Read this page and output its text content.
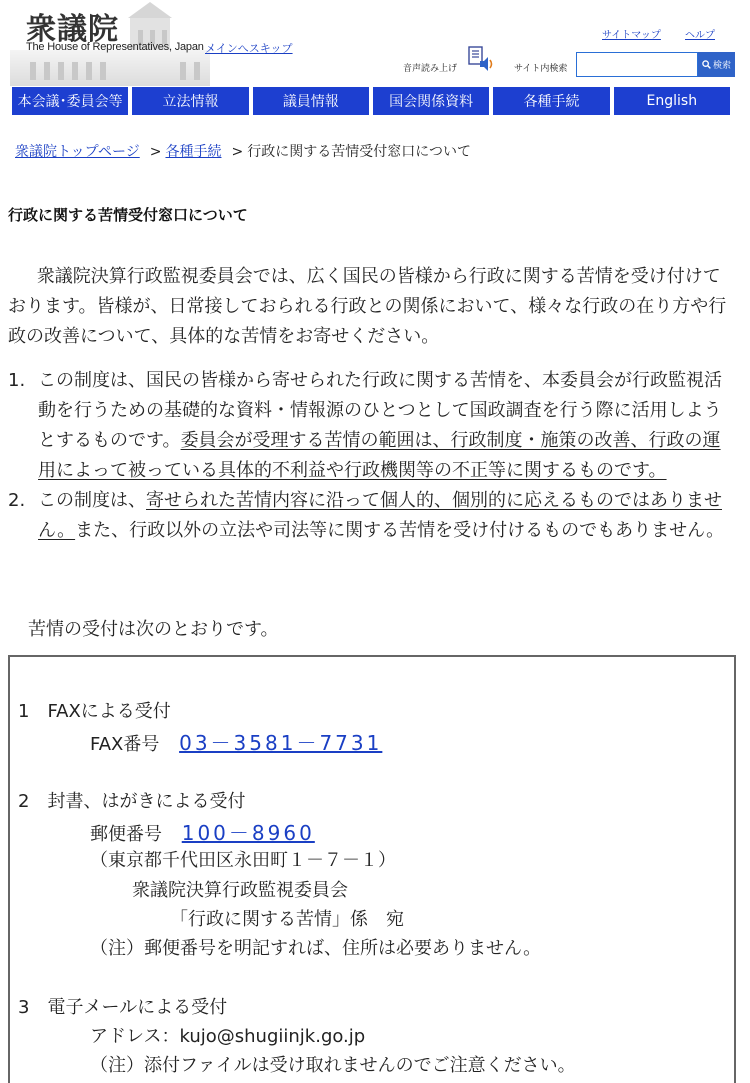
衆議院
The House of Representatives, Japan メインへスキップ
サイトマップ ヘルプ
音声読み上げ	サイト内検索	検索
本会議･委員会等	立法情報	議員情報	国会関係資料	各種手続	English
衆議院トップページ > 各種手続 > 行政に関する苦情受付窓口について
行政に関する苦情受付窓口について

衆議院決算行政監視委員会では、広く国民の皆様から行政に関する苦情を受け付けております。皆様が、日常接しておられる行政との関係において、様々な行政の在り方や行政の改善について、具体的な苦情をお寄せください。

1. この制度は、国民の皆様から寄せられた行政に関する苦情を、本委員会が行政監視活動を行うための基礎的な資料・情報源のひとつとして国政調査を行う際に活用しようとするものです。委員会が受理する苦情の範囲は、行政制度・施策の改善、行政の運用によって被っている具体的不利益や行政機関等の不正等に関するものです。
2. この制度は、寄せられた苦情内容に沿って個人的、個別的に応えるものではありません。また、行政以外の立法や司法等に関する苦情を受け付けるものでもありません。

苦情の受付は次のとおりです。

1　FAXによる受付
FAX番号 03－3581－7731
2　封書、はがきによる受付
郵便番号 100－8960
（東京都千代田区永田町１－７－１）
衆議院決算行政監視委員会
「行政に関する苦情」係　宛
（注）郵便番号を明記すれば、住所は必要ありません。
3　電子メールによる受付
アドレス：kujo@shugiinjk.go.jp
（注）添付ファイルは受け取れませんのでご注意ください。
